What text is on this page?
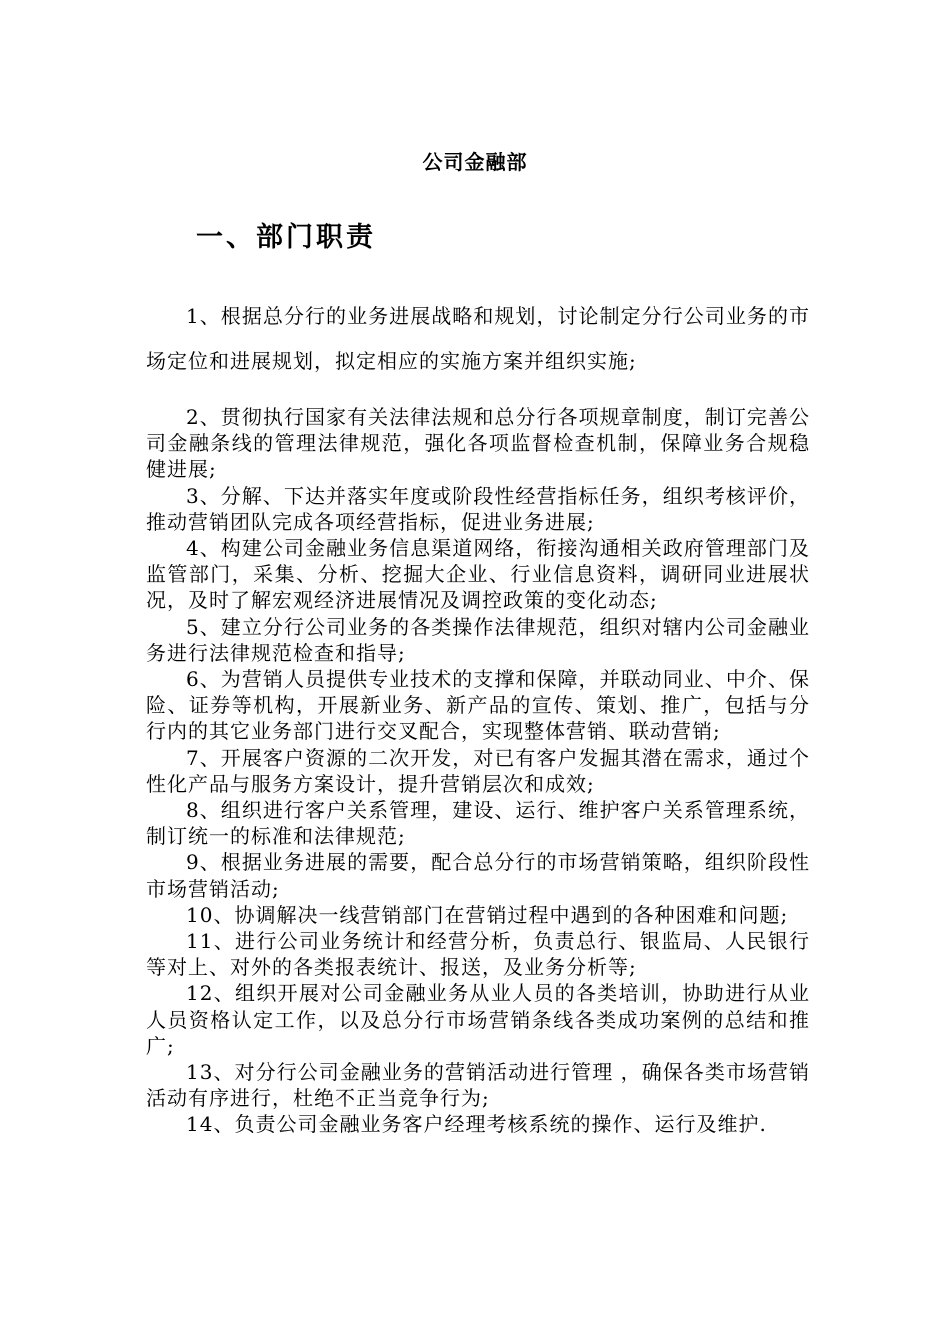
公司金融部
一、部门职责

1、根据总分行的业务进展战略和规划，讨论制定分行公司业务的市场定位和进展规划，拟定相应的实施方案并组织实施;

2、贯彻执行国家有关法律法规和总分行各项规章制度，制订完善公司金融条线的管理法律规范，强化各项监督检查机制，保障业务合规稳健进展;

3、分解、下达并落实年度或阶段性经营指标任务，组织考核评价，推动营销团队完成各项经营指标，促进业务进展;

4、构建公司金融业务信息渠道网络，衔接沟通相关政府管理部门及监管部门，采集、分析、挖掘大企业、行业信息资料，调研同业进展状况，及时了解宏观经济进展情况及调控政策的变化动态;

5、建立分行公司业务的各类操作法律规范，组织对辖内公司金融业务进行法律规范检查和指导;

6、为营销人员提供专业技术的支撑和保障，并联动同业、中介、保险、证券等机构，开展新业务、新产品的宣传、策划、推广，包括与分行内的其它业务部门进行交叉配合，实现整体营销、联动营销;

7、开展客户资源的二次开发，对已有客户发掘其潜在需求，通过个性化产品与服务方案设计，提升营销层次和成效;

8、组织进行客户关系管理，建设、运行、维护客户关系管理系统，制订统一的标准和法律规范;

9、根据业务进展的需要，配合总分行的市场营销策略，组织阶段性市场营销活动;

10、协调解决一线营销部门在营销过程中遇到的各种困难和问题;

11、进行公司业务统计和经营分析，负责总行、银监局、人民银行等对上、对外的各类报表统计、报送，及业务分析等;

12、组织开展对公司金融业务从业人员的各类培训，协助进行从业人员资格认定工作，以及总分行市场营销条线各类成功案例的总结和推广;

13、对分行公司金融业务的营销活动进行管理 ，确保各类市场营销活动有序进行，杜绝不正当竞争行为;

14、负责公司金融业务客户经理考核系统的操作、运行及维护.
